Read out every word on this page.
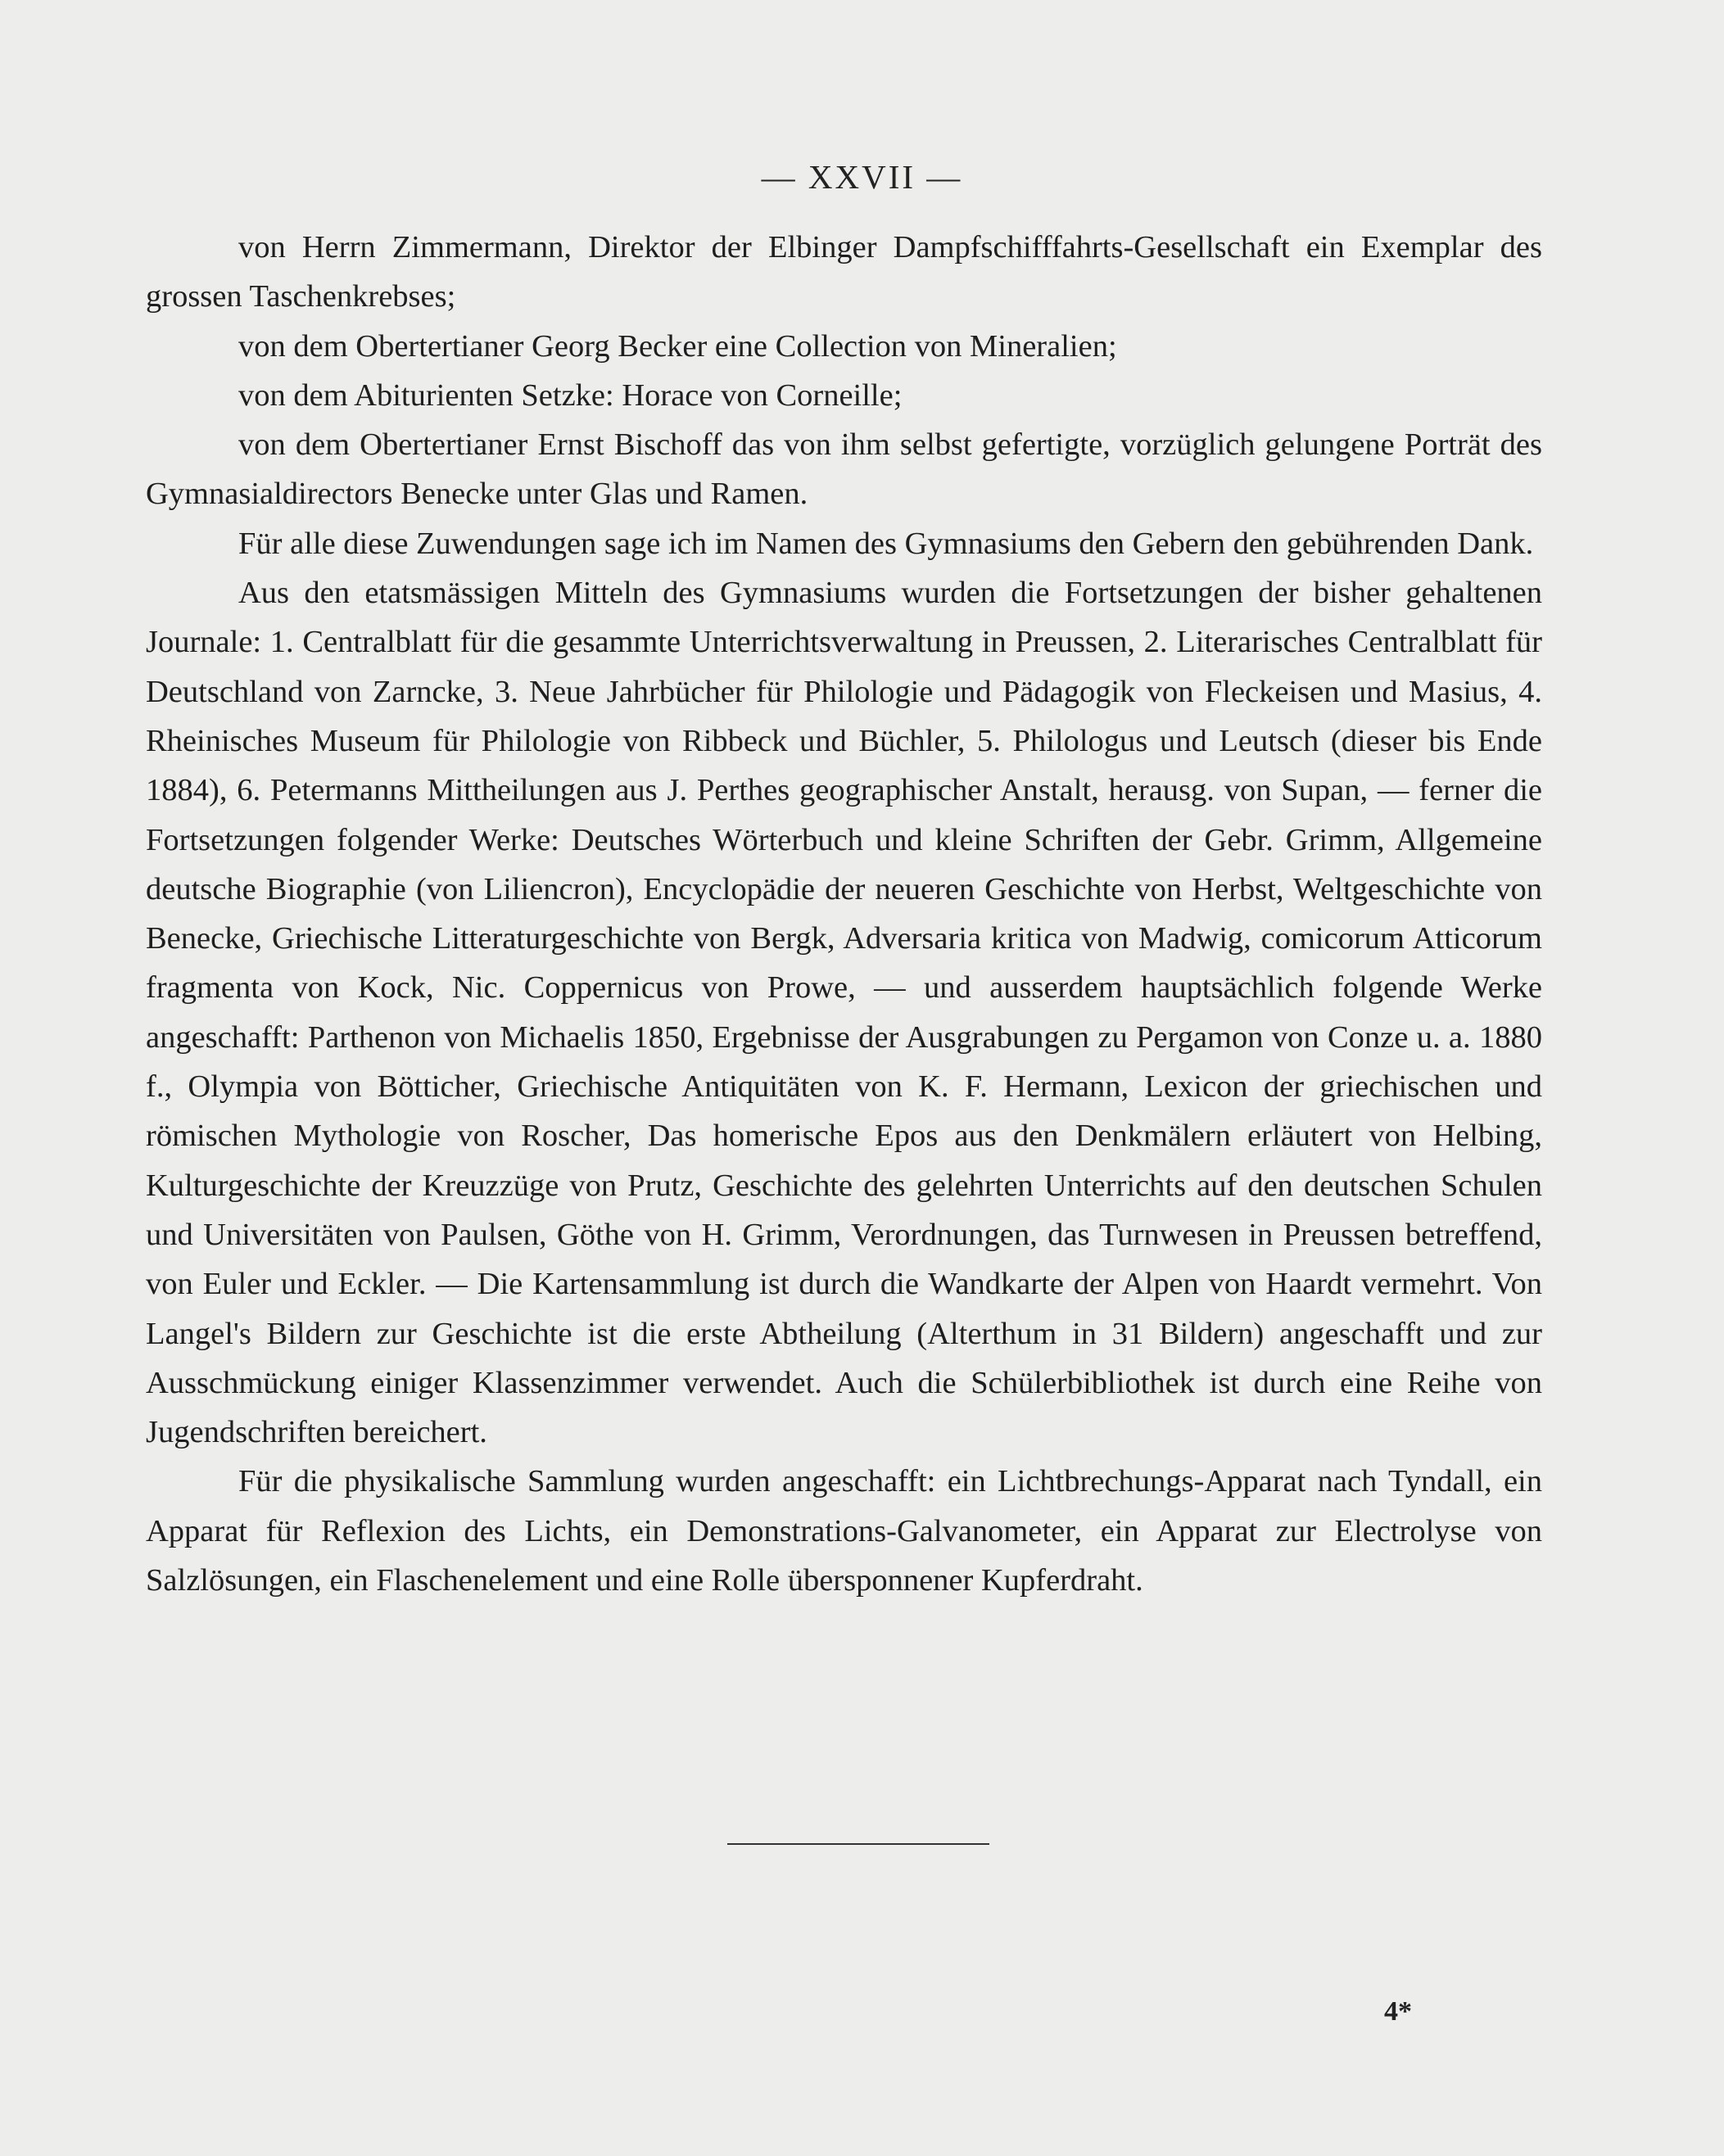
— XXVII —

von Herrn Zimmermann, Direktor der Elbinger Dampfschifffahrts-Gesellschaft ein Exemplar des grossen Taschenkrebses;

von dem Obertertianer Georg Becker eine Collection von Mineralien;

von dem Abiturienten Setzke: Horace von Corneille;

von dem Obertertianer Ernst Bischoff das von ihm selbst gefertigte, vorzüglich gelungene Porträt des Gymnasialdirectors Benecke unter Glas und Ramen.

Für alle diese Zuwendungen sage ich im Namen des Gymnasiums den Gebern den gebührenden Dank.

Aus den etatsmässigen Mitteln des Gymnasiums wurden die Fortsetzungen der bisher gehaltenen Journale: 1. Centralblatt für die gesammte Unterrichtsverwaltung in Preussen, 2. Literarisches Centralblatt für Deutschland von Zarncke, 3. Neue Jahrbücher für Philologie und Pädagogik von Fleckeisen und Masius, 4. Rheinisches Museum für Philologie von Ribbeck und Büchler, 5. Philologus und Leutsch (dieser bis Ende 1884), 6. Petermanns Mittheilungen aus J. Perthes geographischer Anstalt, herausg. von Supan, — ferner die Fortsetzungen folgender Werke: Deutsches Wörterbuch und kleine Schriften der Gebr. Grimm, Allgemeine deutsche Biographie (von Liliencron), Encyclopädie der neueren Geschichte von Herbst, Weltgeschichte von Benecke, Griechische Litteraturgeschichte von Bergk, Adversaria kritica von Madwig, comicorum Atticorum fragmenta von Kock, Nic. Coppernicus von Prowe, — und ausserdem hauptsächlich folgende Werke angeschafft: Parthenon von Michaelis 1850, Ergebnisse der Ausgrabungen zu Pergamon von Conze u. a. 1880 f., Olympia von Bötticher, Griechische Antiquitäten von K. F. Hermann, Lexicon der griechischen und römischen Mythologie von Roscher, Das homerische Epos aus den Denkmälern erläutert von Helbing, Kulturgeschichte der Kreuzzüge von Prutz, Geschichte des gelehrten Unterrichts auf den deutschen Schulen und Universitäten von Paulsen, Göthe von H. Grimm, Verordnungen, das Turnwesen in Preussen betreffend, von Euler und Eckler. — Die Kartensammlung ist durch die Wandkarte der Alpen von Haardt vermehrt. Von Langel's Bildern zur Geschichte ist die erste Abtheilung (Alterthum in 31 Bildern) angeschafft und zur Ausschmückung einiger Klassenzimmer verwendet. Auch die Schülerbibliothek ist durch eine Reihe von Jugendschriften bereichert.

Für die physikalische Sammlung wurden angeschafft: ein Lichtbrechungs-Apparat nach Tyndall, ein Apparat für Reflexion des Lichts, ein Demonstrations-Galvanometer, ein Apparat zur Electrolyse von Salzlösungen, ein Flaschenelement und eine Rolle übersponnener Kupferdraht.

4*
